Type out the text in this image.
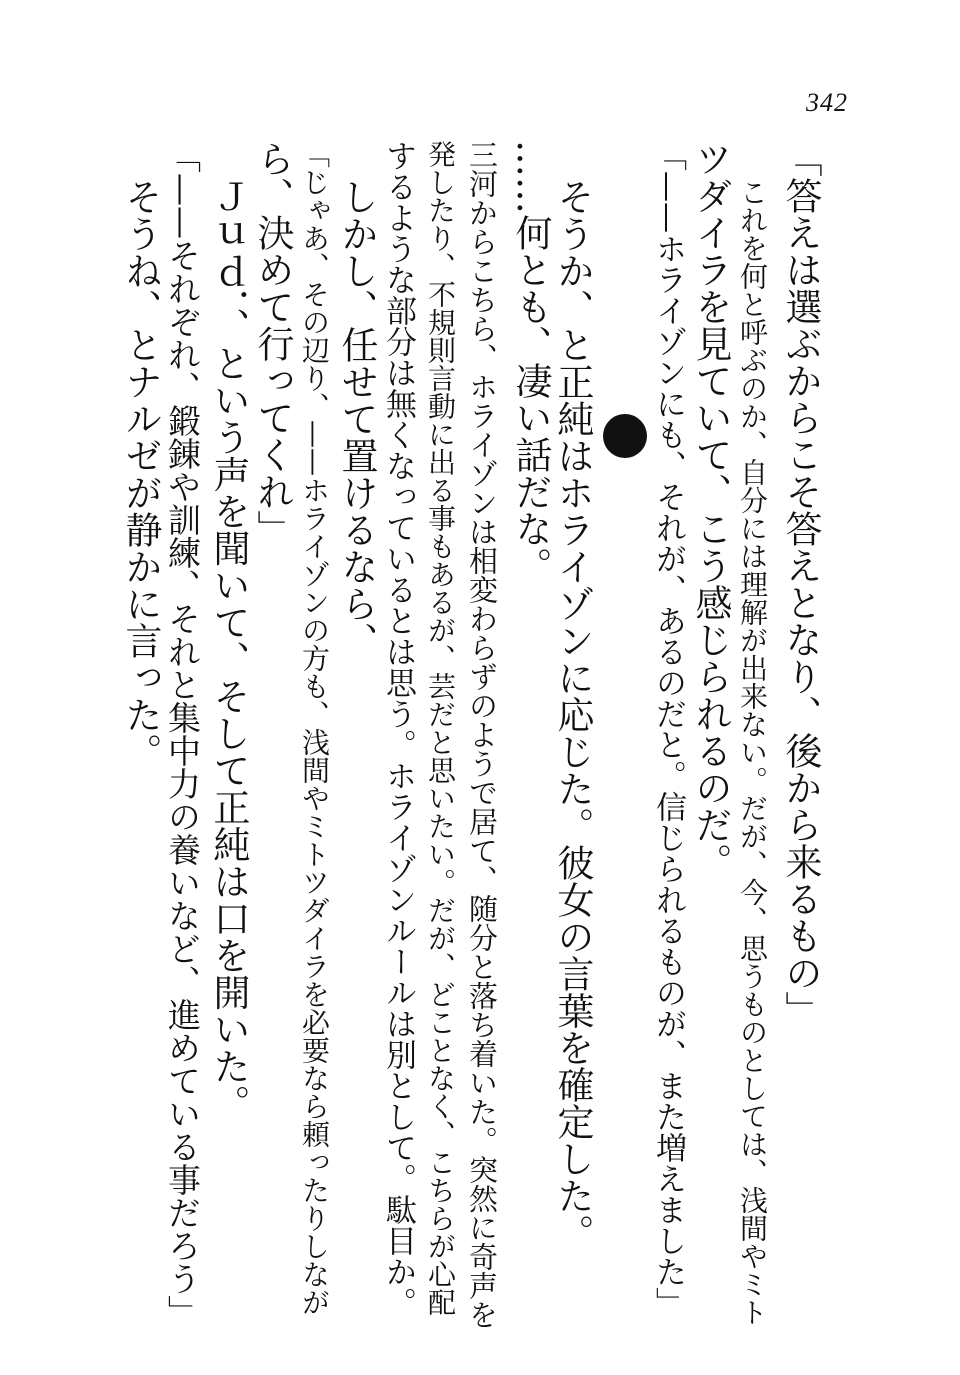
342
「答えは選ぶからこそ答えとなり、後から来るもの」
これを何と呼ぶのか、自分には理解が出来ない。だが、今、思うものとしては、浅間やミト
ツダイラを見ていて、こう感じられるのだ。
「——ホライゾンにも、それが、あるのだと。信じられるものが、また増えました」
そうか、と正純はホライゾンに応じた。彼女の言葉を確定した。
……何とも、凄い話だな。
三河からこちら、ホライゾンは相変わらずのようで居て、随分と落ち着いた。突然に奇声を
発したり、不規則言動に出る事もあるが、芸だと思いたい。だが、どことなく、こちらが心配
するような部分は無くなっているとは思う。ホライゾンルールは別として。駄目か。
しかし、任せて置けるなら、
「じゃあ、その辺り、——ホライゾンの方も、浅間やミトツダイラを必要なら頼ったりしなが
ら、決めて行ってくれ」
Ｊｕｄ．、という声を聞いて、そして正純は口を開いた。
「——それぞれ、鍛錬や訓練、それと集中力の養いなど、進めている事だろう」
そうね、とナルゼが静かに言った。
